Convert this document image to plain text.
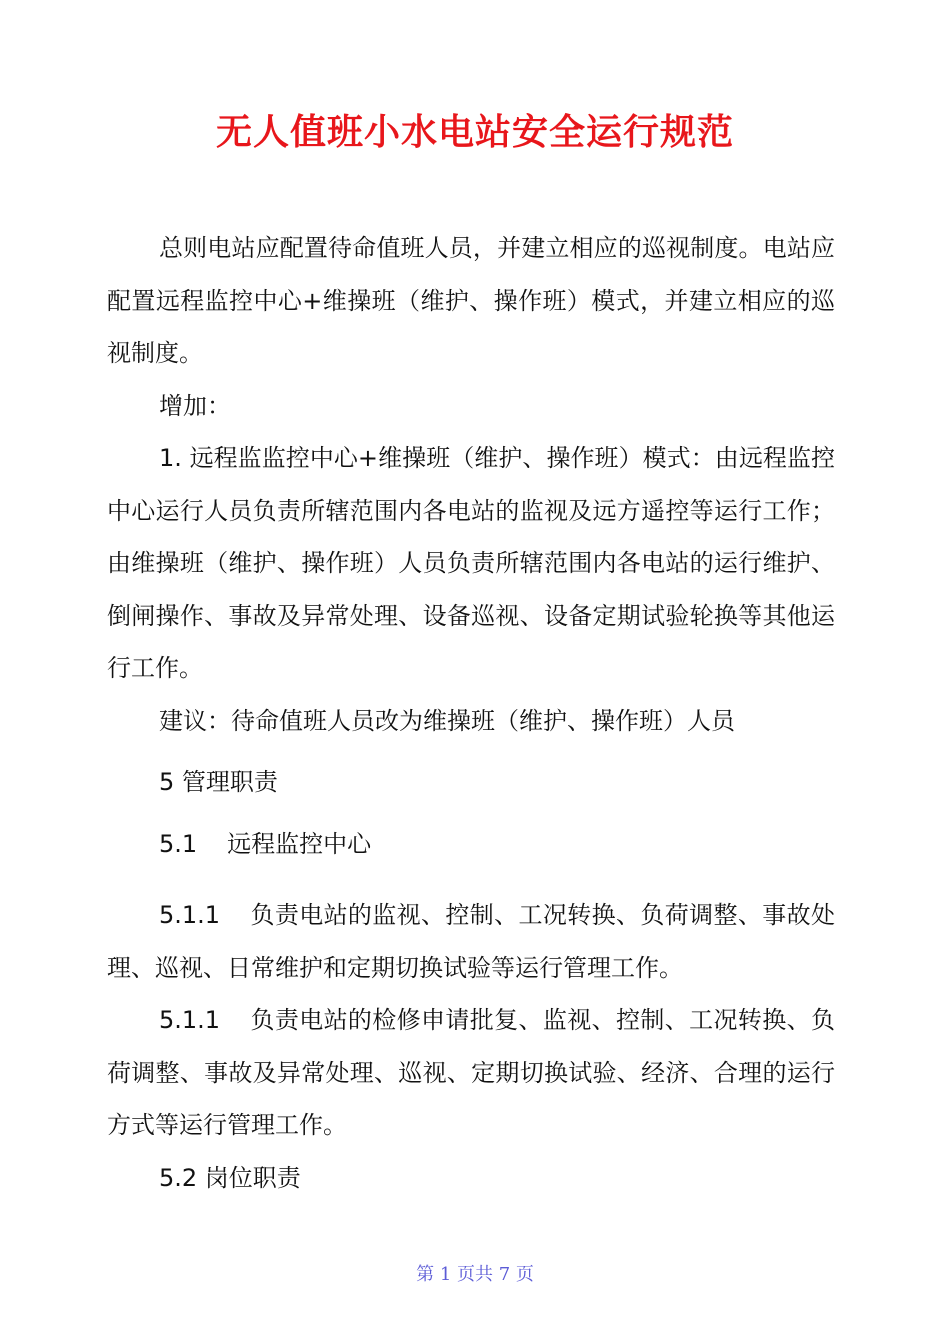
无人值班小水电站安全运行规范

总则电站应配置待命值班人员，并建立相应的巡视制度。电站应配置远程监控中心+维操班（维护、操作班）模式，并建立相应的巡视制度。

增加：

1. 远程监监控中心+维操班（维护、操作班）模式：由远程监控中心运行人员负责所辖范围内各电站的监视及远方遥控等运行工作；由维操班（维护、操作班）人员负责所辖范围内各电站的运行维护、倒闸操作、事故及异常处理、设备巡视、设备定期试验轮换等其他运行工作。

建议：待命值班人员改为维操班（维护、操作班）人员

5 管理职责

5.1 远程监控中心

5.1.1 负责电站的监视、控制、工况转换、负荷调整、事故处理、巡视、日常维护和定期切换试验等运行管理工作。

5.1.1 负责电站的检修申请批复、监视、控制、工况转换、负荷调整、事故及异常处理、巡视、定期切换试验、经济、合理的运行方式等运行管理工作。

5.2 岗位职责

第 1 页共 7 页
